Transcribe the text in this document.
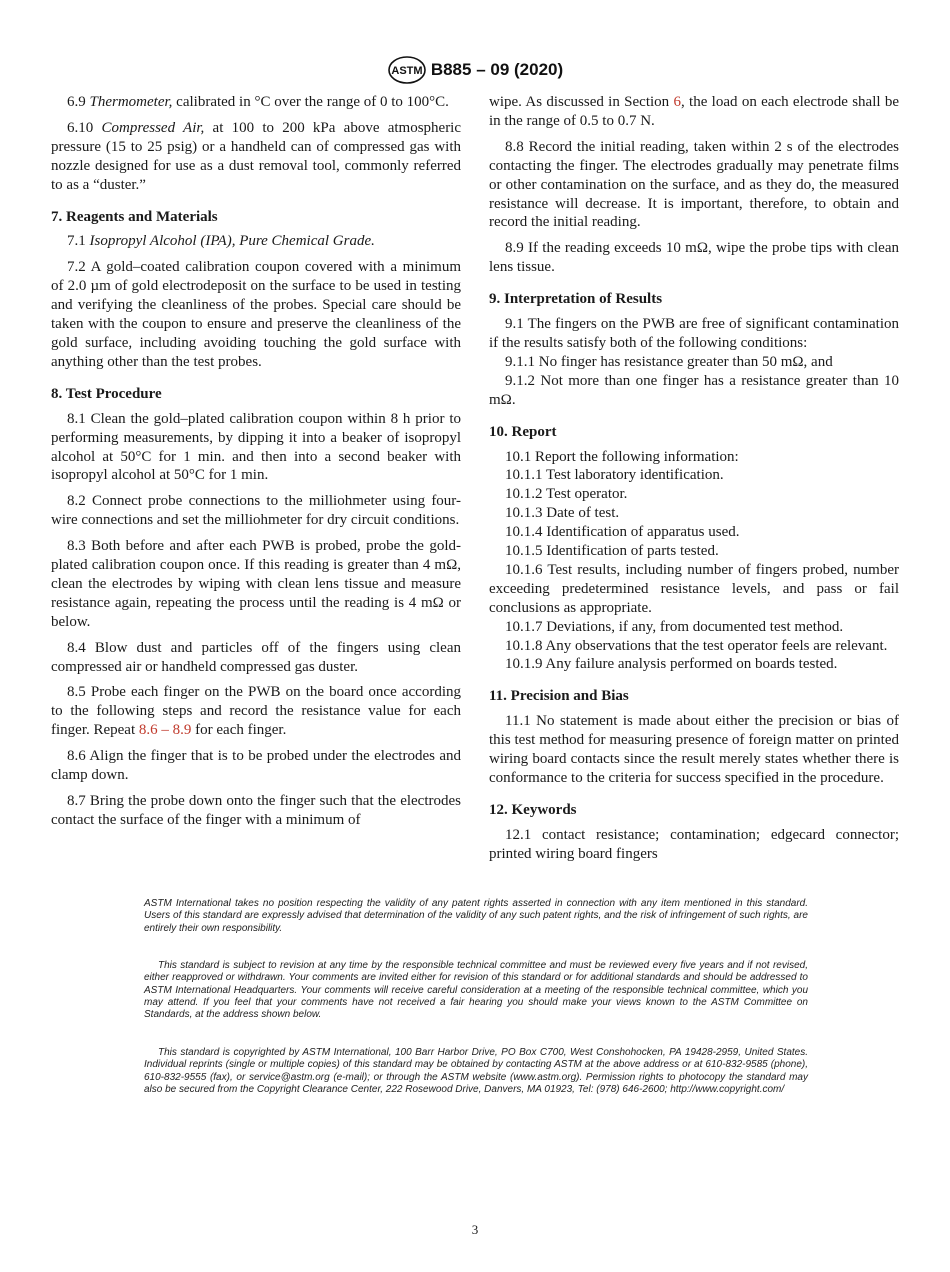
ASTM B885 – 09 (2020)

6.9 Thermometer, calibrated in °C over the range of 0 to 100°C.

6.10 Compressed Air, at 100 to 200 kPa above atmospheric pressure (15 to 25 psig) or a handheld can of compressed gas with nozzle designed for use as a dust removal tool, commonly referred to as a “duster.”

7. Reagents and Materials

7.1 Isopropyl Alcohol (IPA), Pure Chemical Grade.

7.2 A gold–coated calibration coupon covered with a minimum of 2.0 µm of gold electrodeposit on the surface to be used in testing and verifying the cleanliness of the probes. Special care should be taken with the coupon to ensure and preserve the cleanliness of the gold surface, including avoiding touching the gold surface with anything other than the test probes.

8. Test Procedure

8.1 Clean the gold–plated calibration coupon within 8 h prior to performing measurements, by dipping it into a beaker of isopropyl alcohol at 50°C for 1 min. and then into a second beaker with isopropyl alcohol at 50°C for 1 min.

8.2 Connect probe connections to the milliohmeter using four-wire connections and set the milliohmeter for dry circuit conditions.

8.3 Both before and after each PWB is probed, probe the gold-plated calibration coupon once. If this reading is greater than 4 mΩ, clean the electrodes by wiping with clean lens tissue and measure resistance again, repeating the process until the reading is 4 mΩ or below.

8.4 Blow dust and particles off of the fingers using clean compressed air or handheld compressed gas duster.

8.5 Probe each finger on the PWB on the board once according to the following steps and record the resistance value for each finger. Repeat 8.6 – 8.9 for each finger.

8.6 Align the finger that is to be probed under the electrodes and clamp down.

8.7 Bring the probe down onto the finger such that the electrodes contact the surface of the finger with a minimum of

wipe. As discussed in Section 6, the load on each electrode shall be in the range of 0.5 to 0.7 N.

8.8 Record the initial reading, taken within 2 s of the electrodes contacting the finger. The electrodes gradually may penetrate films or other contamination on the surface, and as they do, the measured resistance will decrease. It is important, therefore, to obtain and record the initial reading.

8.9 If the reading exceeds 10 mΩ, wipe the probe tips with clean lens tissue.

9. Interpretation of Results

9.1 The fingers on the PWB are free of significant contamination if the results satisfy both of the following conditions:

9.1.1 No finger has resistance greater than 50 mΩ, and

9.1.2 Not more than one finger has a resistance greater than 10 mΩ.

10. Report

10.1 Report the following information:

10.1.1 Test laboratory identification.

10.1.2 Test operator.

10.1.3 Date of test.

10.1.4 Identification of apparatus used.

10.1.5 Identification of parts tested.

10.1.6 Test results, including number of fingers probed, number exceeding predetermined resistance levels, and pass or fail conclusions as appropriate.

10.1.7 Deviations, if any, from documented test method.

10.1.8 Any observations that the test operator feels are relevant.

10.1.9 Any failure analysis performed on boards tested.

11. Precision and Bias

11.1 No statement is made about either the precision or bias of this test method for measuring presence of foreign matter on printed wiring board contacts since the result merely states whether there is conformance to the criteria for success specified in the procedure.

12. Keywords

12.1 contact resistance; contamination; edgecard connector; printed wiring board fingers

ASTM International takes no position respecting the validity of any patent rights asserted in connection with any item mentioned in this standard. Users of this standard are expressly advised that determination of the validity of any such patent rights, and the risk of infringement of such rights, are entirely their own responsibility.

This standard is subject to revision at any time by the responsible technical committee and must be reviewed every five years and if not revised, either reapproved or withdrawn. Your comments are invited either for revision of this standard or for additional standards and should be addressed to ASTM International Headquarters. Your comments will receive careful consideration at a meeting of the responsible technical committee, which you may attend. If you feel that your comments have not received a fair hearing you should make your views known to the ASTM Committee on Standards, at the address shown below.

This standard is copyrighted by ASTM International, 100 Barr Harbor Drive, PO Box C700, West Conshohocken, PA 19428-2959, United States. Individual reprints (single or multiple copies) of this standard may be obtained by contacting ASTM at the above address or at 610-832-9585 (phone), 610-832-9555 (fax), or service@astm.org (e-mail); or through the ASTM website (www.astm.org). Permission rights to photocopy the standard may also be secured from the Copyright Clearance Center, 222 Rosewood Drive, Danvers, MA 01923, Tel: (978) 646-2600; http://www.copyright.com/

3
